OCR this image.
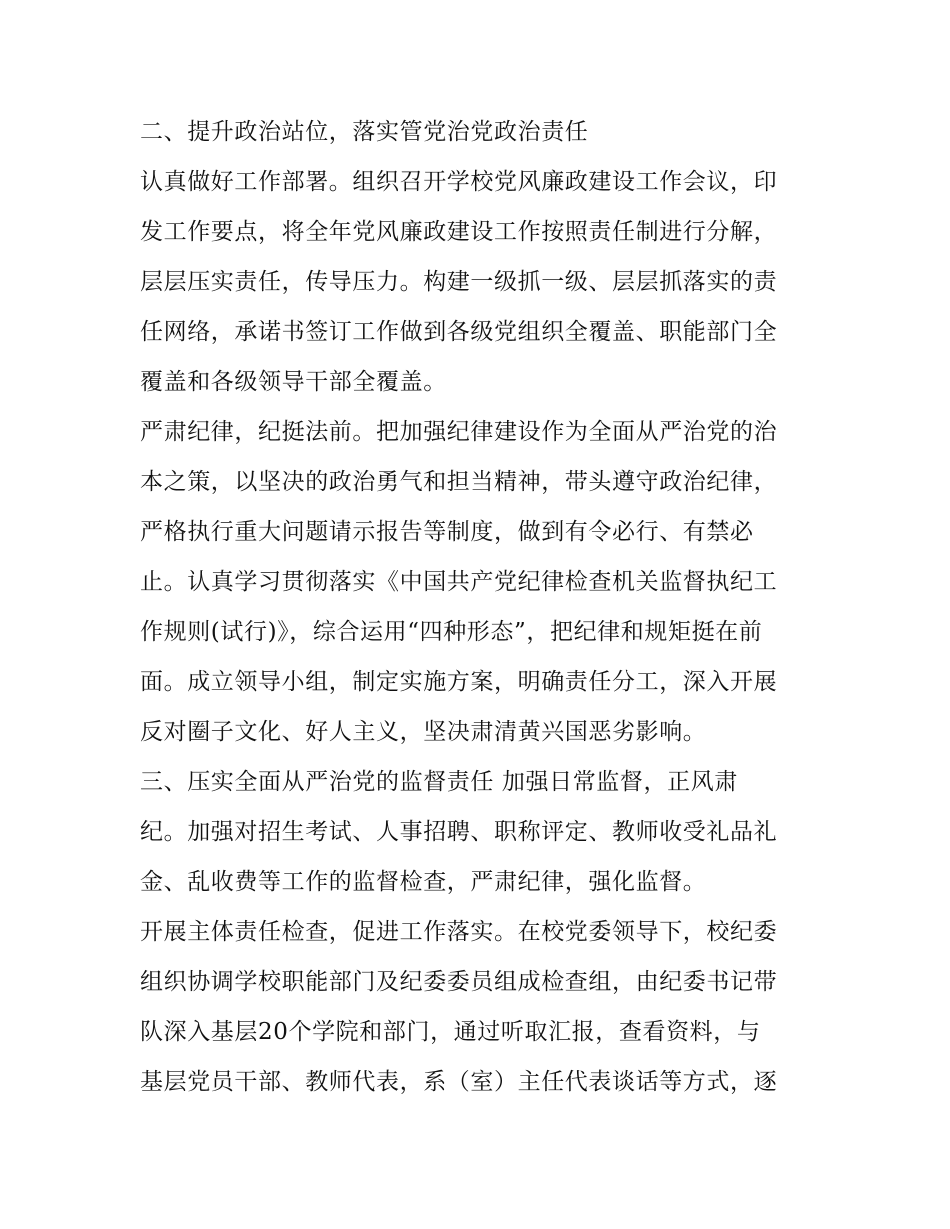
二、提升政治站位，落实管党治党政治责任
认真做好工作部署。组织召开学校党风廉政建设工作会议，印
发工作要点，将全年党风廉政建设工作按照责任制进行分解，
层层压实责任，传导压力。构建一级抓一级、层层抓落实的责
任网络，承诺书签订工作做到各级党组织全覆盖、职能部门全
覆盖和各级领导干部全覆盖。
严肃纪律，纪挺法前。把加强纪律建设作为全面从严治党的治
本之策，以坚决的政治勇气和担当精神，带头遵守政治纪律，
严格执行重大问题请示报告等制度，做到有令必行、有禁必
止。认真学习贯彻落实《中国共产党纪律检查机关监督执纪工
作规则(试行)》，综合运用“四种形态”，把纪律和规矩挺在前
面。成立领导小组，制定实施方案，明确责任分工，深入开展
反对圈子文化、好人主义，坚决肃清黄兴国恶劣影响。
三、压实全面从严治党的监督责任 加强日常监督，正风肃
纪。加强对招生考试、人事招聘、职称评定、教师收受礼品礼
金、乱收费等工作的监督检查，严肃纪律，强化监督。
开展主体责任检查，促进工作落实。在校党委领导下，校纪委
组织协调学校职能部门及纪委委员组成检查组，由纪委书记带
队深入基层20个学院和部门，通过听取汇报，查看资料，与
基层党员干部、教师代表，系（室）主任代表谈话等方式，逐
